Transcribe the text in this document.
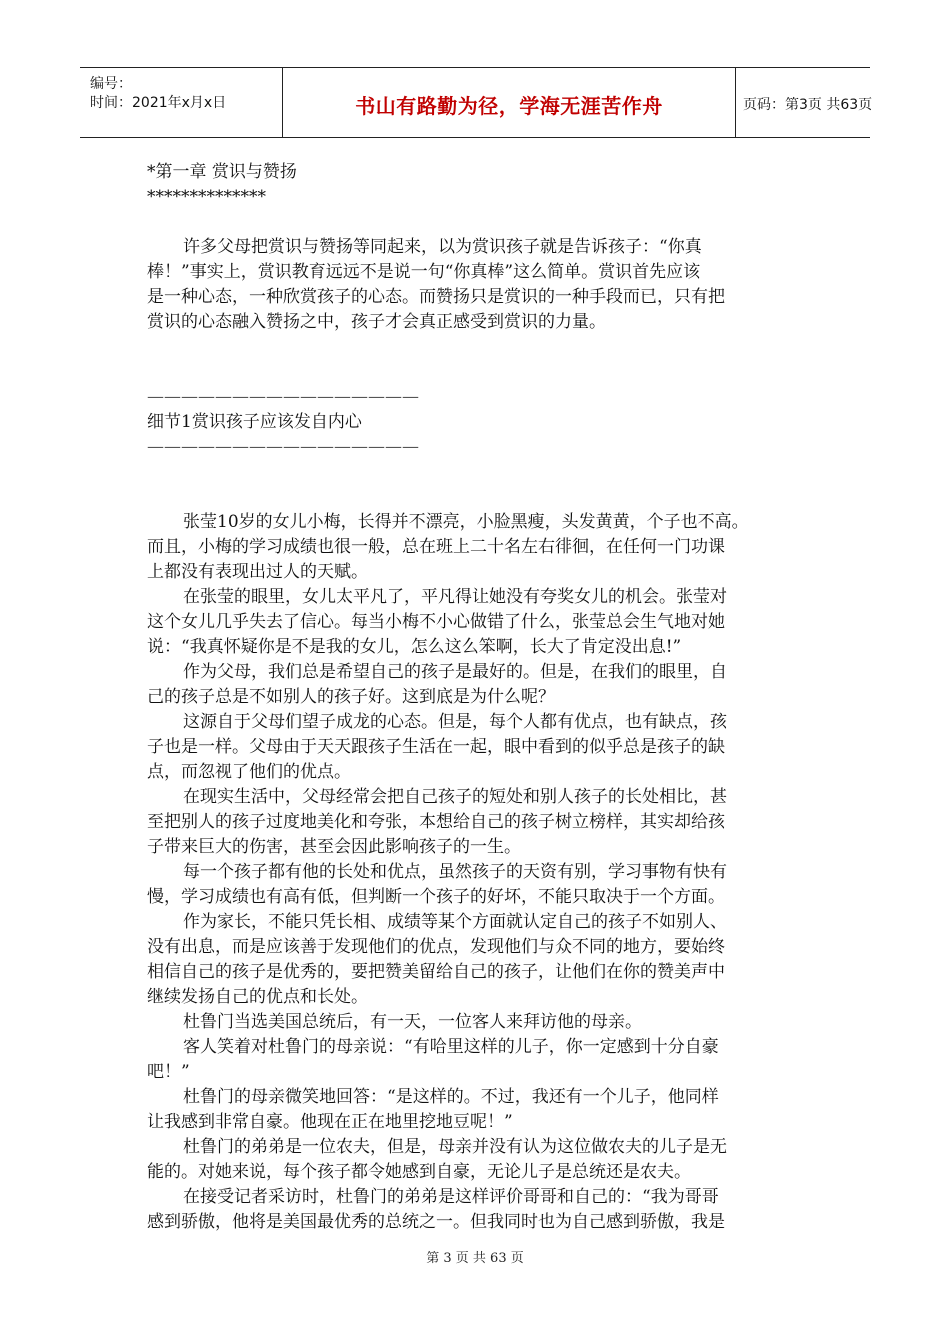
编号：
时间：2021年x月x日	书山有路勤为径，学海无涯苦作舟	页码：第3页 共63页
*第一章 赏识与赞扬
**************
许多父母把赏识与赞扬等同起来，以为赏识孩子就是告诉孩子：“你真
棒！”事实上，赏识教育远远不是说一句“你真棒”这么简单。赏识首先应该
是一种心态，一种欣赏孩子的心态。而赞扬只是赏识的一种手段而已，只有把
赏识的心态融入赞扬之中，孩子才会真正感受到赏识的力量。
————————————————
细节1赏识孩子应该发自内心
————————————————
张莹10岁的女儿小梅，长得并不漂亮，小脸黑瘦，头发黄黄，个子也不高。
而且，小梅的学习成绩也很一般，总在班上二十名左右徘徊，在任何一门功课
上都没有表现出过人的天赋。
在张莹的眼里，女儿太平凡了，平凡得让她没有夸奖女儿的机会。张莹对
这个女儿几乎失去了信心。每当小梅不小心做错了什么，张莹总会生气地对她
说：“我真怀疑你是不是我的女儿，怎么这么笨啊，长大了肯定没出息!”
作为父母，我们总是希望自己的孩子是最好的。但是，在我们的眼里，自
己的孩子总是不如别人的孩子好。这到底是为什么呢？
这源自于父母们望子成龙的心态。但是，每个人都有优点，也有缺点，孩
子也是一样。父母由于天天跟孩子生活在一起，眼中看到的似乎总是孩子的缺
点，而忽视了他们的优点。
在现实生活中，父母经常会把自己孩子的短处和别人孩子的长处相比，甚
至把别人的孩子过度地美化和夸张，本想给自己的孩子树立榜样，其实却给孩
子带来巨大的伤害，甚至会因此影响孩子的一生。
每一个孩子都有他的长处和优点，虽然孩子的天资有别，学习事物有快有
慢，学习成绩也有高有低，但判断一个孩子的好坏，不能只取决于一个方面。
作为家长，不能只凭长相、成绩等某个方面就认定自己的孩子不如别人、
没有出息，而是应该善于发现他们的优点，发现他们与众不同的地方，要始终
相信自己的孩子是优秀的，要把赞美留给自己的孩子，让他们在你的赞美声中
继续发扬自己的优点和长处。
杜鲁门当选美国总统后，有一天，一位客人来拜访他的母亲。
客人笑着对杜鲁门的母亲说：“有哈里这样的儿子，你一定感到十分自豪
吧！”
杜鲁门的母亲微笑地回答：“是这样的。不过，我还有一个儿子，他同样
让我感到非常自豪。他现在正在地里挖地豆呢！”
杜鲁门的弟弟是一位农夫，但是，母亲并没有认为这位做农夫的儿子是无
能的。对她来说，每个孩子都令她感到自豪，无论儿子是总统还是农夫。
在接受记者采访时，杜鲁门的弟弟是这样评价哥哥和自己的：“我为哥哥
感到骄傲，他将是美国最优秀的总统之一。但我同时也为自己感到骄傲，我是
第 3 页 共 63 页
